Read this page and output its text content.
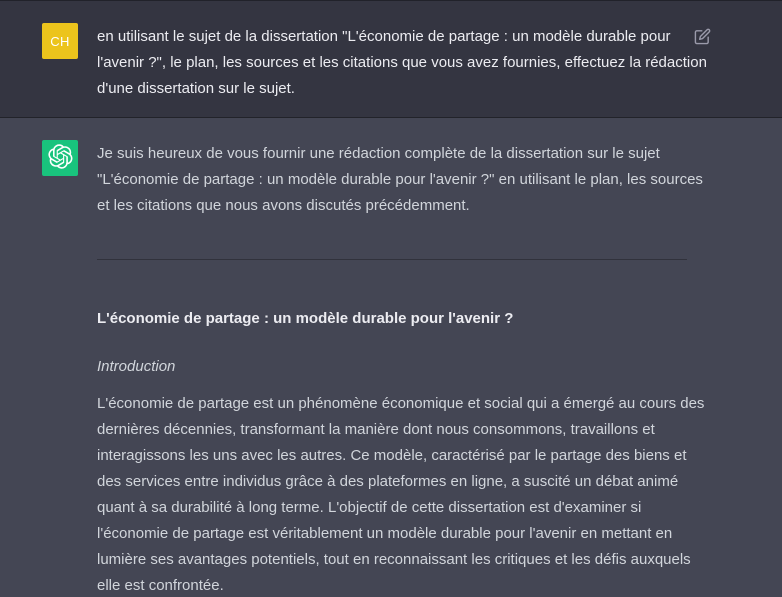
CH en utilisant le sujet de la dissertation "L'économie de partage : un modèle durable pour l'avenir ?", le plan, les sources et les citations que vous avez fournies, effectuez la rédaction d'une dissertation sur le sujet.

Je suis heureux de vous fournir une rédaction complète de la dissertation sur le sujet "L'économie de partage : un modèle durable pour l'avenir ?" en utilisant le plan, les sources et les citations que nous avons discutés précédemment.

L'économie de partage : un modèle durable pour l'avenir ?

Introduction

L'économie de partage est un phénomène économique et social qui a émergé au cours des dernières décennies, transformant la manière dont nous consommons, travaillons et interagissons les uns avec les autres. Ce modèle, caractérisé par le partage des biens et des services entre individus grâce à des plateformes en ligne, a suscité un débat animé quant à sa durabilité à long terme. L'objectif de cette dissertation est d'examiner si l'économie de partage est véritablement un modèle durable pour l'avenir en mettant en lumière ses avantages potentiels, tout en reconnaissant les critiques et les défis auxquels elle est confrontée.
